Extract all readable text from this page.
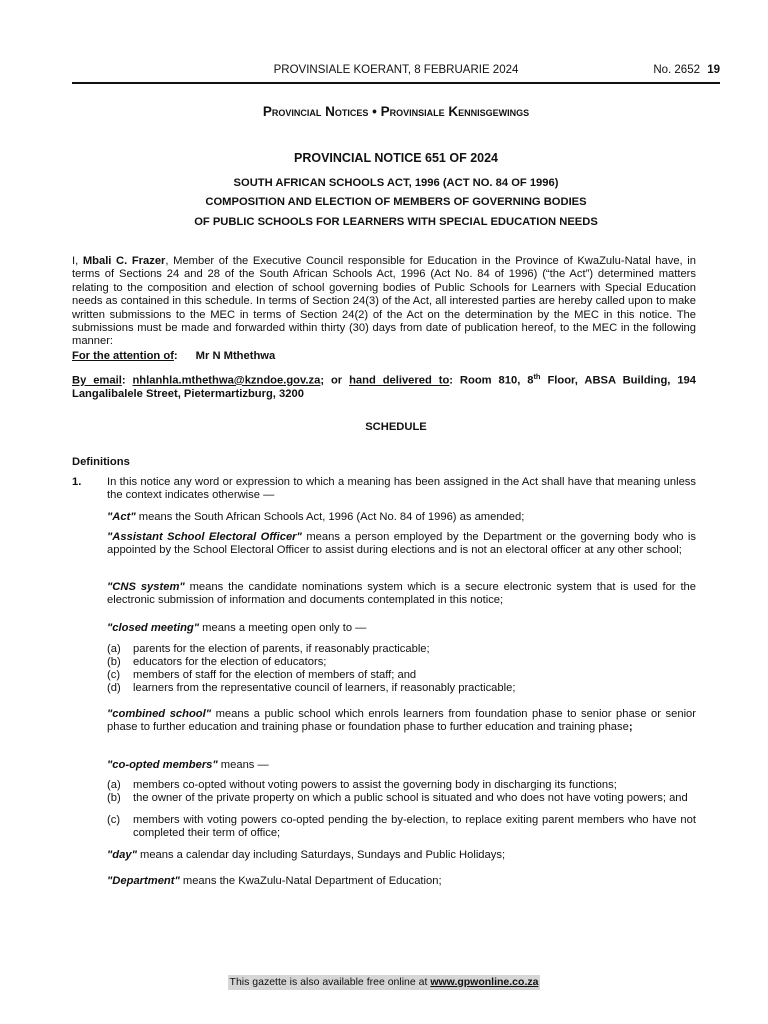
PROVINSIALE KOERANT, 8 FEBRUARIE 2024	No. 2652 19
Provincial Notices • Provinsiale Kennisgewings
PROVINCIAL NOTICE 651 OF 2024
SOUTH AFRICAN SCHOOLS ACT, 1996 (ACT NO. 84 OF 1996)
COMPOSITION AND ELECTION OF MEMBERS OF GOVERNING BODIES
OF PUBLIC SCHOOLS FOR LEARNERS WITH SPECIAL EDUCATION NEEDS
I, Mbali C. Frazer, Member of the Executive Council responsible for Education in the Province of KwaZulu-Natal have, in terms of Sections 24 and 28 of the South African Schools Act, 1996 (Act No. 84 of 1996) (“the Act”) determined matters relating to the composition and election of school governing bodies of Public Schools for Learners with Special Education needs as contained in this schedule. In terms of Section 24(3) of the Act, all interested parties are hereby called upon to make written submissions to the MEC in terms of Section 24(2) of the Act on the determination by the MEC in this notice. The submissions must be made and forwarded within thirty (30) days from date of publication hereof, to the MEC in the following manner:
For the attention of: Mr N Mthethwa
By email: nhlanhla.mthethwa@kzndoe.gov.za; or hand delivered to: Room 810, 8th Floor, ABSA Building, 194 Langalibalele Street, Pietermartizburg, 3200
SCHEDULE
Definitions
1. In this notice any word or expression to which a meaning has been assigned in the Act shall have that meaning unless the context indicates otherwise —
"Act" means the South African Schools Act, 1996 (Act No. 84 of 1996) as amended;
"Assistant School Electoral Officer" means a person employed by the Department or the governing body who is appointed by the School Electoral Officer to assist during elections and is not an electoral officer at any other school;
"CNS system" means the candidate nominations system which is a secure electronic system that is used for the electronic submission of information and documents contemplated in this notice;
"closed meeting" means a meeting open only to —
(a) parents for the election of parents, if reasonably practicable;
(b) educators for the election of educators;
(c) members of staff for the election of members of staff; and
(d) learners from the representative council of learners, if reasonably practicable;
"combined school" means a public school which enrols learners from foundation phase to senior phase or senior phase to further education and training phase or foundation phase to further education and training phase;
"co-opted members" means —
(a) members co-opted without voting powers to assist the governing body in discharging its functions;
(b) the owner of the private property on which a public school is situated and who does not have voting powers; and
(c) members with voting powers co-opted pending the by-election, to replace exiting parent members who have not completed their term of office;
"day" means a calendar day including Saturdays, Sundays and Public Holidays;
"Department" means the KwaZulu-Natal Department of Education;
This gazette is also available free online at www.gpwonline.co.za
